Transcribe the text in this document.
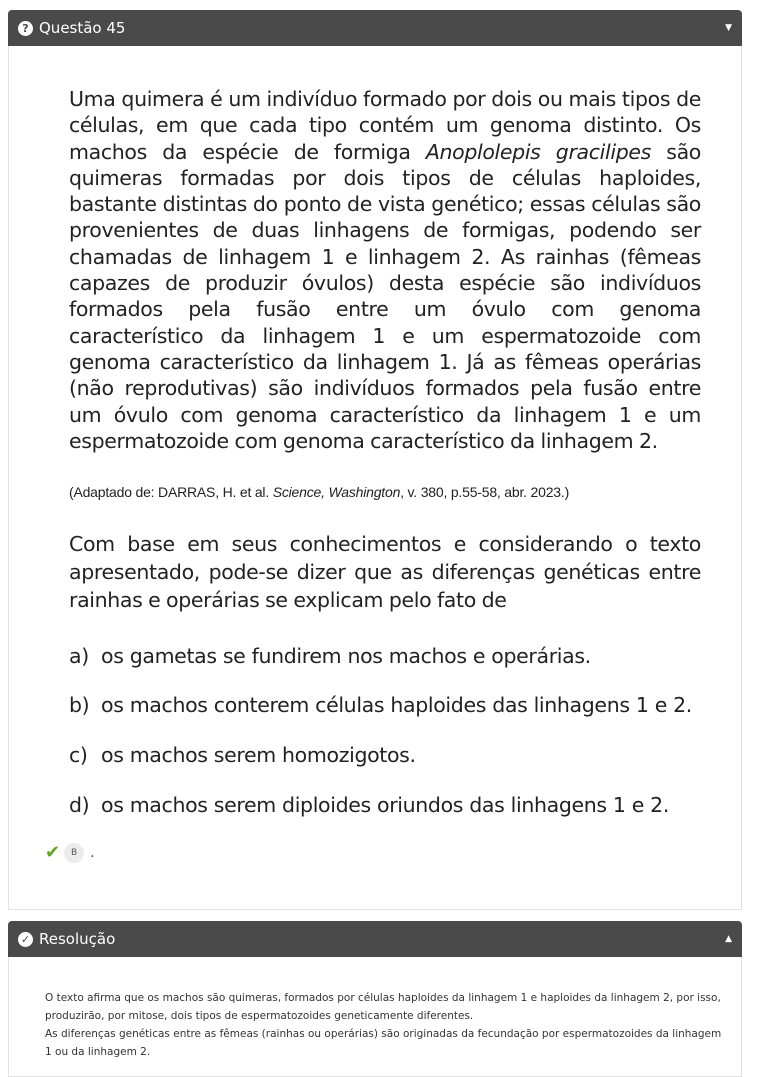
? Questão 45	▼
Uma quimera é um indivíduo formado por dois ou mais tipos de células, em que cada tipo contém um genoma distinto. Os machos da espécie de formiga Anoplolepis gracilipes são quimeras formadas por dois tipos de células haploides, bastante distintas do ponto de vista genético; essas células são provenientes de duas linhagens de formigas, podendo ser chamadas de linhagem 1 e linhagem 2. As rainhas (fêmeas capazes de produzir óvulos) desta espécie são indivíduos formados pela fusão entre um óvulo com genoma característico da linhagem 1 e um espermatozoide com genoma característico da linhagem 1. Já as fêmeas operárias (não reprodutivas) são indivíduos formados pela fusão entre um óvulo com genoma característico da linhagem 1 e um espermatozoide com genoma característico da linhagem 2.
(Adaptado de: DARRAS, H. et al. Science, Washington, v. 380, p.55-58, abr. 2023.)
Com base em seus conhecimentos e considerando o texto apresentado, pode-se dizer que as diferenças genéticas entre rainhas e operárias se explicam pelo fato de
a) os gametas se fundirem nos machos e operárias.
b) os machos conterem células haploides das linhagens 1 e 2.
c) os machos serem homozigotos.
d) os machos serem diploides oriundos das linhagens 1 e 2.
✔	B .
✓ Resolução	▲

O texto afirma que os machos são quimeras, formados por células haploides da linhagem 1 e haploides da linhagem 2, por isso, produzirão, por mitose, dois tipos de espermatozoides geneticamente diferentes.

As diferenças genéticas entre as fêmeas (rainhas ou operárias) são originadas da fecundação por espermatozoides da linhagem 1 ou da linhagem 2.
